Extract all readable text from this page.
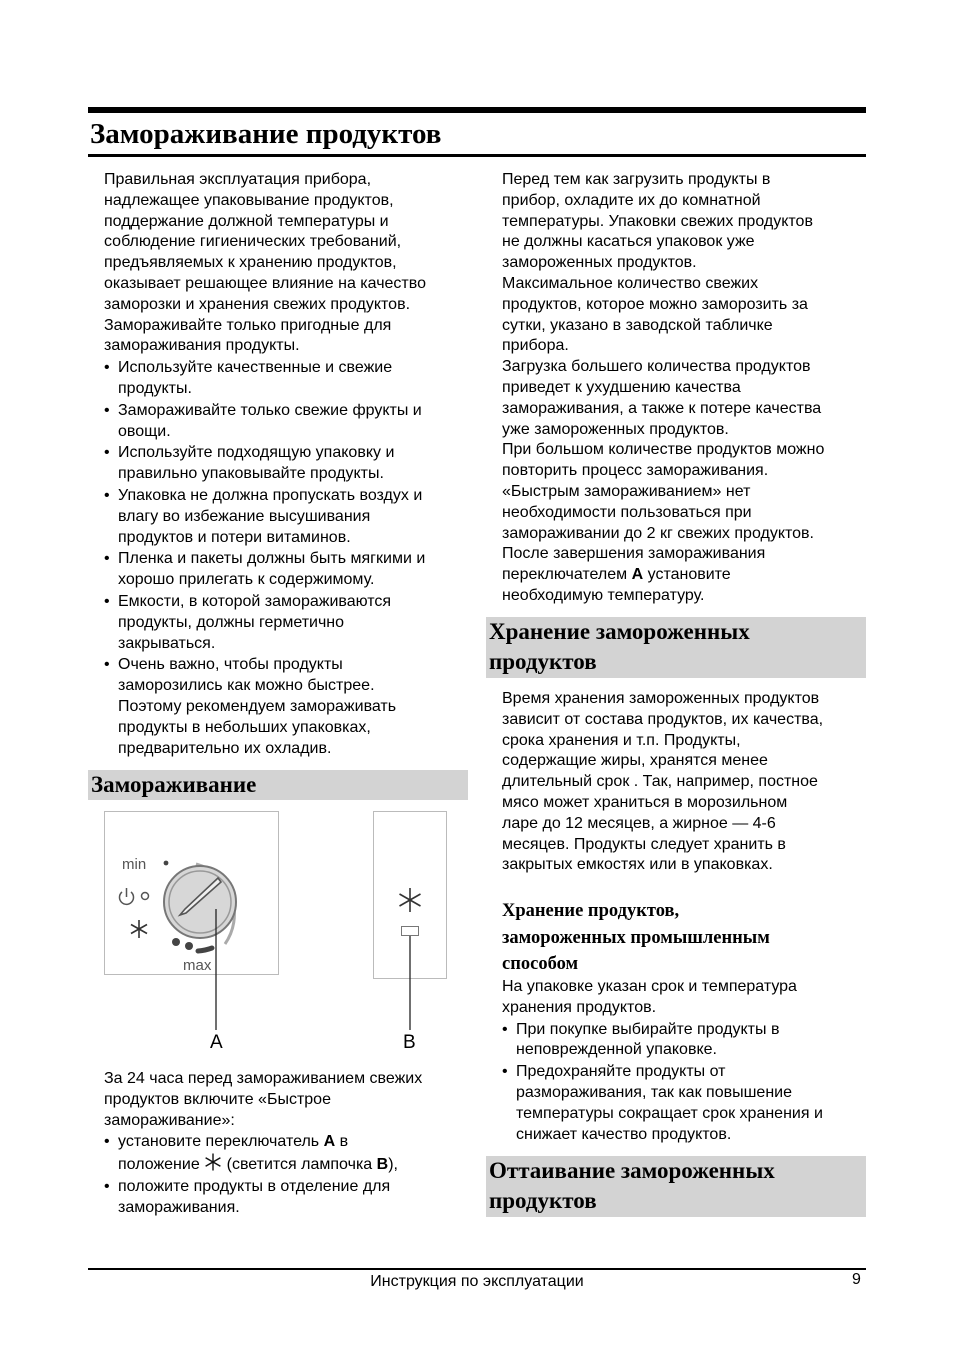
Замораживание продуктов

Правильная эксплуатация прибора,
надлежащее упаковывание продуктов,
поддержание должной температуры и
соблюдение гигиенических требований,
предъявляемых к хранению продуктов,
оказывает решающее влияние на качество
заморозки и хранения свежих продуктов.
Замораживайте только пригодные для
замораживания продукты.

• Используйте качественные и свежие
продукты.
• Замораживайте только свежие фрукты и
овощи.
• Используйте подходящую упаковку и
правильно упаковывайте продукты.
• Упаковка не должна пропускать воздух и
влагу во избежание высушивания
продуктов и потери витаминов.
• Пленка и пакеты должны быть мягкими и
хорошо прилегать к содержимому.
• Емкости, в которой замораживаются
продукты, должны герметично
закрываться.
• Очень важно, чтобы продукты
заморозились как можно быстрее.
Поэтому рекомендуем замораживать
продукты в небольших упаковках,
предварительно их охладив.
Замораживание
min
max
A	B

За 24 часа перед замораживанием свежих
продуктов включите «Быстрое
замораживание»:

• установите переключатель A в
положение  (светится лампочка B),
• положите продукты в отделение для
замораживания.

Перед тем как загрузить продукты в
прибор, охладите их до комнатной
температуры. Упаковки свежих продуктов
не должны касаться упаковок уже
замороженных продуктов.
Максимальное количество свежих
продуктов, которое можно заморозить за
сутки, указано в заводской табличке
прибора.
Загрузка большего количества продуктов
приведет к ухудшению качества
замораживания, а также к потере качества
уже замороженных продуктов.
При большом количестве продуктов можно
повторить процесс замораживания.
«Быстрым замораживанием» нет
необходимости пользоваться при
замораживании до 2 кг свежих продуктов.
После завершения замораживания
переключателем A установите
необходимую температуру.

Хранение замороженных
продуктов

Время хранения замороженных продуктов
зависит от состава продуктов, их качества,
срока хранения и т.п. Продукты,
содержащие жиры, хранятся менее
длительный срок . Так, например, постное
мясо может храниться в морозильном
ларе до 12 месяцев, а жирное — 4-6
месяцев. Продукты следует хранить в
закрытых емкостях или в упаковках.

Хранение продуктов,
замороженных промышленным
способом

На упаковке указан срок и температура
хранения продуктов.

• При покупке выбирайте продукты в
неповрежденной упаковке.
• Предохраняйте продукты от
размораживания, так как повышение
температуры сокращает срок хранения и
снижает качество продуктов.
Оттаивание замороженных
продуктов
Инструкция по эксплуатации	9
